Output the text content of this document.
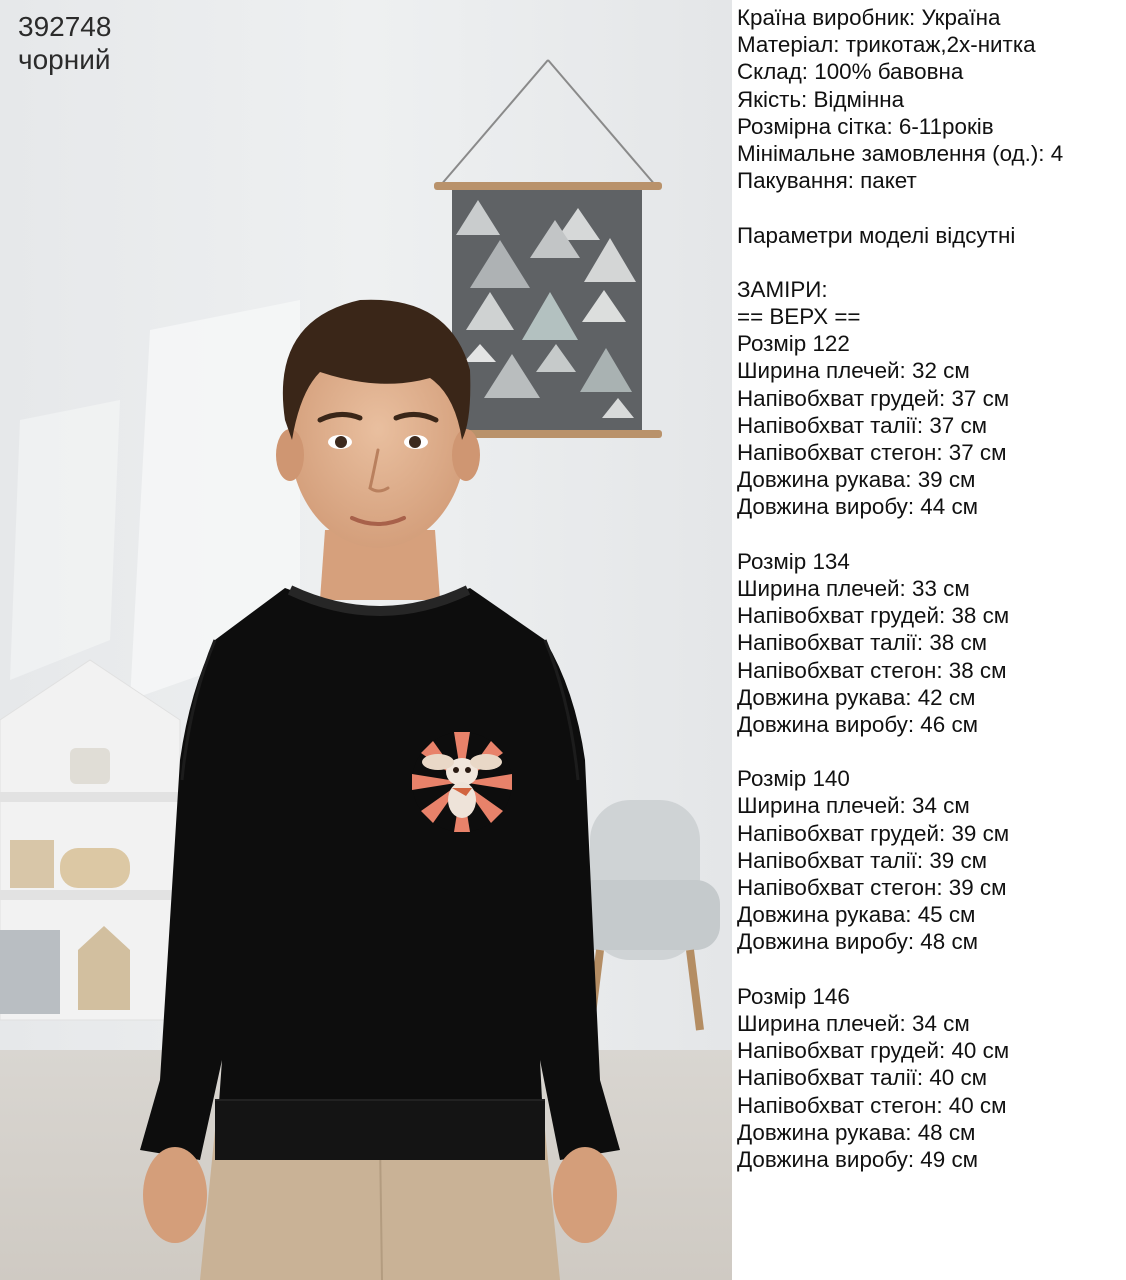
392748
чорний
Країна виробник: Україна
Матеріал: трикотаж,2х-нитка
Склад: 100% бавовна
Якість: Відмінна
Розмірна сітка: 6-11років
Мінімальне замовлення (од.): 4
Пакування: пакет
Параметри моделі відсутні
ЗАМІРИ:
== ВЕРХ ==
Розмір 122
Ширина плечей: 32 см
Напівобхват грудей: 37 см
Напівобхват талії: 37 см
Напівобхват стегон: 37 см
Довжина рукава: 39 см
Довжина виробу: 44 см
Розмір 134
Ширина плечей: 33 см
Напівобхват грудей: 38 см
Напівобхват талії: 38 см
Напівобхват стегон: 38 см
Довжина рукава: 42 см
Довжина виробу: 46 см
Розмір 140
Ширина плечей: 34 см
Напівобхват грудей: 39 см
Напівобхват талії: 39 см
Напівобхват стегон: 39 см
Довжина рукава: 45 см
Довжина виробу: 48 см
Розмір 146
Ширина плечей: 34 см
Напівобхват грудей: 40 см
Напівобхват талії: 40 см
Напівобхват стегон: 40 см
Довжина рукава: 48 см
Довжина виробу: 49 см
